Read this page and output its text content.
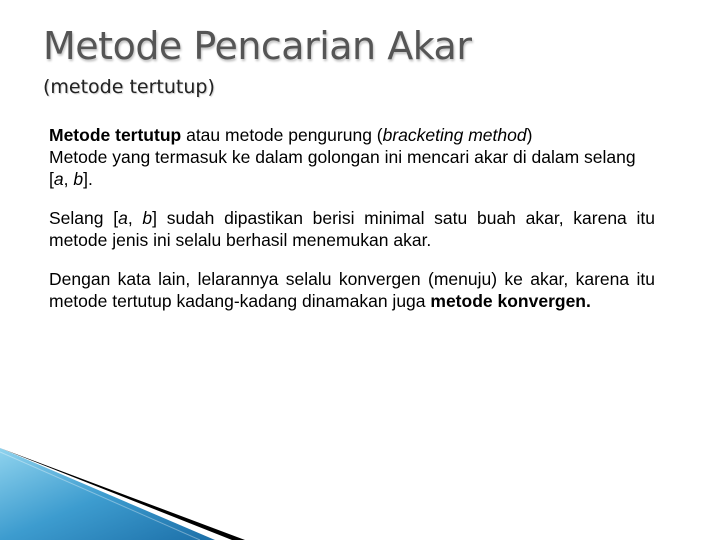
Metode Pencarian Akar
(metode tertutup)

Metode tertutup atau metode pengurung (bracketing method)
Metode yang termasuk ke dalam golongan ini mencari akar di dalam selang [a, b].

Selang [a, b] sudah dipastikan berisi minimal satu buah akar, karena itu metode jenis ini selalu berhasil menemukan akar.

Dengan kata lain, lelarannya selalu konvergen (menuju) ke akar, karena itu metode tertutup kadang-kadang dinamakan juga metode konvergen.
